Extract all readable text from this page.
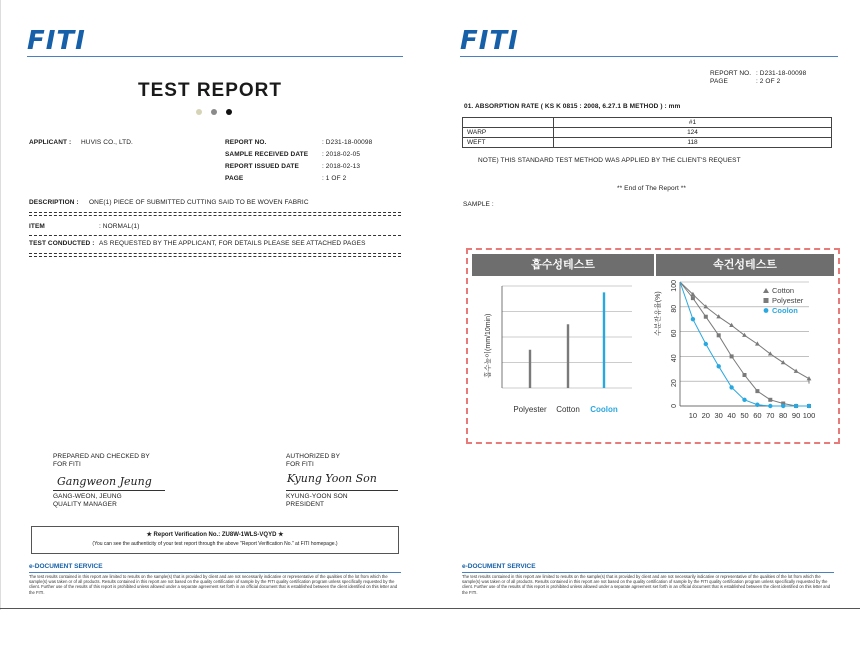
FITI
TEST REPORT
APPLICANT : HUVIS CO., LTD.	REPORT NO.	: D231-18-00098
SAMPLE RECEIVED DATE : 2018-02-05
REPORT ISSUED DATE	: 2018-02-13
PAGE	: 1 OF 2
DESCRIPTION : ONE(1) PIECE OF SUBMITTED CUTTING SAID TO BE WOVEN FABRIC
ITEM	: NORMAL(1)
TEST CONDUCTED : AS REQUESTED BY THE APPLICANT, FOR DETAILS PLEASE SEE ATTACHED PAGES
PREPARED AND CHECKED BY
FOR FITI
Gangweon Jeung
GANG-WEON, JEUNG
QUALITY MANAGER
AUTHORIZED BY
FOR FITI
Kyung Yoon Son
KYUNG-YOON SON
PRESIDENT
★ Report Verification No.: ZU8W-1WLS-VQYD ★
(You can see the authenticity of your test report through the above "Report Verification No." at FITI homepage.)
e-DOCUMENT SERVICE
The test results contained in this report are limited to results on the sample(s) that is provided by client and are not necessarily indicative or representative of the qualities of the lot from which the sample(s) was taken or of all products. Results contained in this report are not based on the quality certification of sample by the FITI quality certification program unless specifically requested by the client. Further use of the results of this report is prohibited unless allowed under a separate agreement set forth in an official document that is established between the client identified on this letter and the FITI.
FITI
REPORT NO. : D231-18-00098
PAGE	: 2 OF 2
01. ABSORPTION RATE ( KS K 0815 : 2008, 6.27.1 B METHOD ) : mm
	#1
WARP	124
WEFT	118
NOTE) THIS STANDARD TEST METHOD WAS APPLIED BY THE CLIENT'S REQUEST
** End of The Report **
SAMPLE :
흡수성테스트	속건성테스트
흡수높이(mm/10min)
Polyester Cotton Coolon	0
20
40
60
80
100
수분잔유율(%)
10 20 30 40 50 60 70 80 90 100
Cotton
Polyester
Coolon
e-DOCUMENT SERVICE
The test results contained in this report are limited to results on the sample(s) that is provided by client and are not necessarily indicative or representative of the qualities of the lot from which the sample(s) was taken or of all products. Results contained in this report are not based on the quality certification of sample by the FITI quality certification program unless specifically requested by the client. Further use of the results of this report is prohibited unless allowed under a separate agreement set forth in an official document that is established between the client identified on this letter and the FITI.
